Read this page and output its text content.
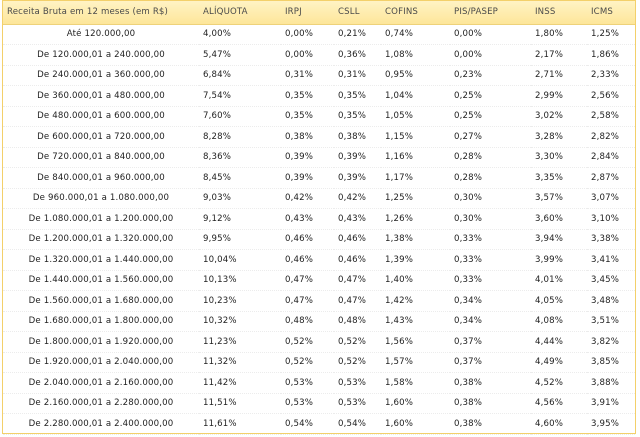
Receita Bruta em 12 meses (em R$)	ALÍQUOTA	IRPJ	CSLL	COFINS	PIS/PASEP	INSS	ICMS
Até 120.000,00	4,00%	0,00%	0,21%	0,74%	0,00%	1,80%	1,25%
De 120.000,01 a 240.000,00	5,47%	0,00%	0,36%	1,08%	0,00%	2,17%	1,86%
De 240.000,01 a 360.000,00	6,84%	0,31%	0,31%	0,95%	0,23%	2,71%	2,33%
De 360.000,01 a 480.000,00	7,54%	0,35%	0,35%	1,04%	0,25%	2,99%	2,56%
De 480.000,01 a 600.000,00	7,60%	0,35%	0,35%	1,05%	0,25%	3,02%	2,58%
De 600.000,01 a 720.000,00	8,28%	0,38%	0,38%	1,15%	0,27%	3,28%	2,82%
De 720.000,01 a 840.000,00	8,36%	0,39%	0,39%	1,16%	0,28%	3,30%	2,84%
De 840.000,01 a 960.000,00	8,45%	0,39%	0,39%	1,17%	0,28%	3,35%	2,87%
De 960.000,01 a 1.080.000,00	9,03%	0,42%	0,42%	1,25%	0,30%	3,57%	3,07%
De 1.080.000,01 a 1.200.000,00	9,12%	0,43%	0,43%	1,26%	0,30%	3,60%	3,10%
De 1.200.000,01 a 1.320.000,00	9,95%	0,46%	0,46%	1,38%	0,33%	3,94%	3,38%
De 1.320.000,01 a 1.440.000,00	10,04%	0,46%	0,46%	1,39%	0,33%	3,99%	3,41%
De 1.440.000,01 a 1.560.000,00	10,13%	0,47%	0,47%	1,40%	0,33%	4,01%	3,45%
De 1.560.000,01 a 1.680.000,00	10,23%	0,47%	0,47%	1,42%	0,34%	4,05%	3,48%
De 1.680.000,01 a 1.800.000,00	10,32%	0,48%	0,48%	1,43%	0,34%	4,08%	3,51%
De 1.800.000,01 a 1.920.000,00	11,23%	0,52%	0,52%	1,56%	0,37%	4,44%	3,82%
De 1.920.000,01 a 2.040.000,00	11,32%	0,52%	0,52%	1,57%	0,37%	4,49%	3,85%
De 2.040.000,01 a 2.160.000,00	11,42%	0,53%	0,53%	1,58%	0,38%	4,52%	3,88%
De 2.160.000,01 a 2.280.000,00	11,51%	0,53%	0,53%	1,60%	0,38%	4,56%	3,91%
De 2.280.000,01 a 2.400.000,00	11,61%	0,54%	0,54%	1,60%	0,38%	4,60%	3,95%
